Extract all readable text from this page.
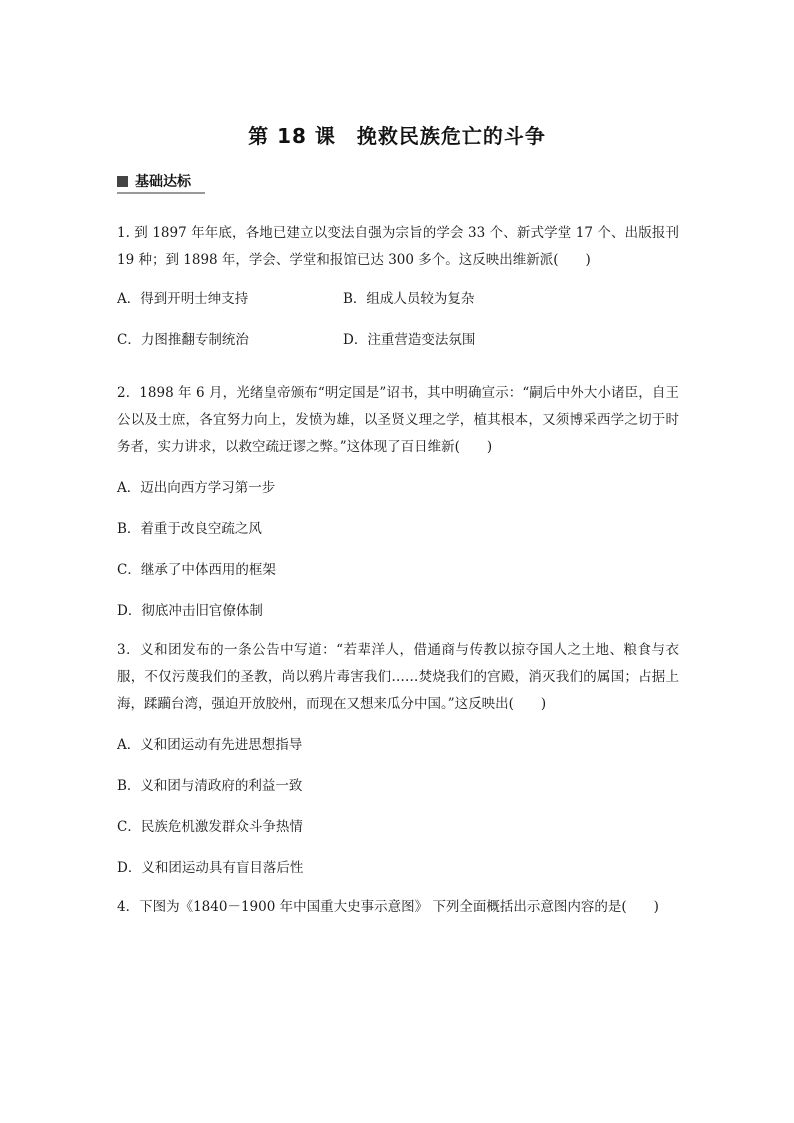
第 18 课　挽救民族危亡的斗争
基础达标

1. 到 1897 年年底，各地已建立以变法自强为宗旨的学会 33 个、新式学堂 17 个、出版报刊 19 种；到 1898 年，学会、学堂和报馆已达 300 多个。这反映出维新派(　　)

A．得到开明士绅支持	B．组成人员较为复杂
C．力图推翻专制统治	D．注重营造变法氛围

2．1898 年 6 月，光绪皇帝颁布“明定国是”诏书，其中明确宣示：“嗣后中外大小诸臣，自王公以及士庶，各宜努力向上，发愤为雄，以圣贤义理之学，植其根本，又须博采西学之切于时务者，实力讲求，以救空疏迂谬之弊。”这体现了百日维新(　　)

A．迈出向西方学习第一步
B．着重于改良空疏之风
C．继承了中体西用的框架
D．彻底冲击旧官僚体制

3．义和团发布的一条公告中写道：“若辈洋人，借通商与传教以掠夺国人之土地、粮食与衣服，不仅污蔑我们的圣教，尚以鸦片毒害我们……焚烧我们的宫殿，消灭我们的属国；占据上海，蹂躏台湾，强迫开放胶州，而现在又想来瓜分中国。”这反映出(　　)

A．义和团运动有先进思想指导
B．义和团与清政府的利益一致
C．民族危机激发群众斗争热情
D．义和团运动具有盲目落后性

4．下图为《1840－1900 年中国重大史事示意图》 下列全面概括出示意图内容的是(　　)
